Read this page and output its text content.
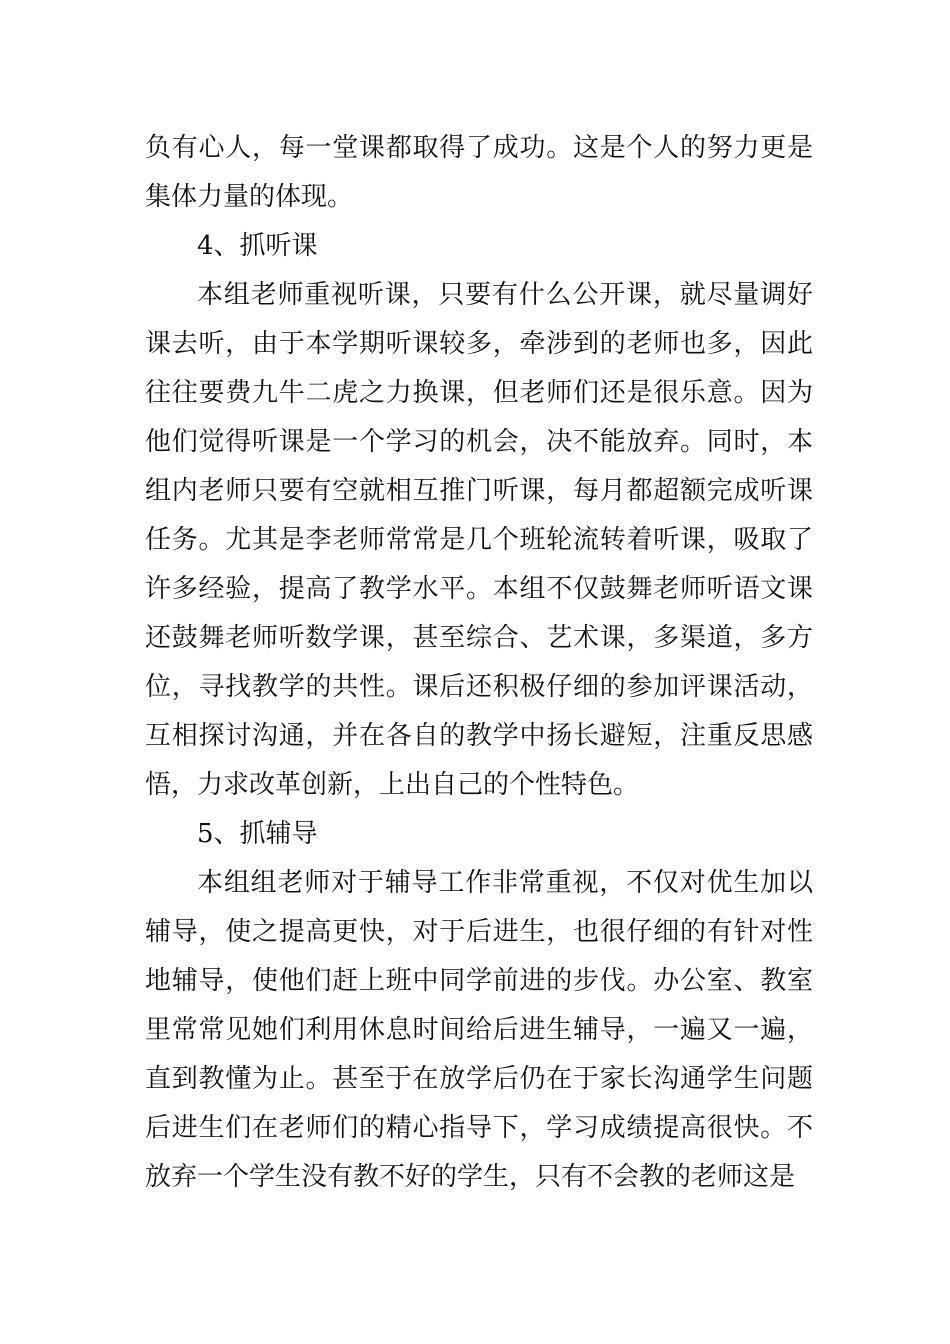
负有心人，每一堂课都取得了成功。这是个人的努力更是集体力量的体现。

4、抓听课

本组老师重视听课，只要有什么公开课，就尽量调好课去听，由于本学期听课较多，牵涉到的老师也多，因此往往要费九牛二虎之力换课，但老师们还是很乐意。因为他们觉得听课是一个学习的机会，决不能放弃。同时，本组内老师只要有空就相互推门听课，每月都超额完成听课任务。尤其是李老师常常是几个班轮流转着听课，吸取了许多经验，提高了教学水平。本组不仅鼓舞老师听语文课还鼓舞老师听数学课，甚至综合、艺术课，多渠道，多方位，寻找教学的共性。课后还积极仔细的参加评课活动，互相探讨沟通，并在各自的教学中扬长避短，注重反思感悟，力求改革创新，上出自己的个性特色。

5、抓辅导

本组组老师对于辅导工作非常重视，不仅对优生加以辅导，使之提高更快，对于后进生，也很仔细的有针对性地辅导，使他们赶上班中同学前进的步伐。办公室、教室里常常见她们利用休息时间给后进生辅导，一遍又一遍，直到教懂为止。甚至于在放学后仍在于家长沟通学生问题后进生们在老师们的精心指导下，学习成绩提高很快。不放弃一个学生没有教不好的学生，只有不会教的老师这是
